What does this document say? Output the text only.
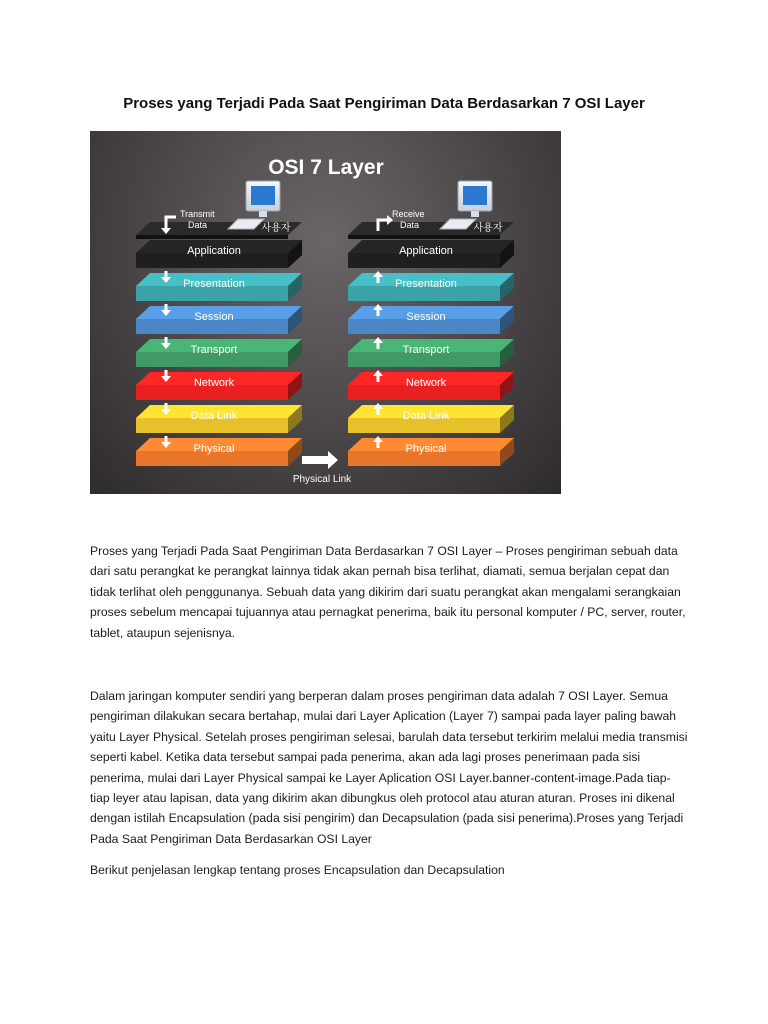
Proses yang Terjadi Pada Saat Pengiriman Data Berdasarkan 7 OSI Layer
OSI 7 Layer
Transmit
Data	사용자
Application
Presentation
Session
Transport
Network
Data Link
Physical
Receive
Data	사용자
Application
Presentation
Session
Transport
Network
Data Link
Physical
Physical Link

Proses yang Terjadi Pada Saat Pengiriman Data Berdasarkan 7 OSI Layer – Proses pengiriman sebuah data dari satu perangkat ke perangkat lainnya tidak akan pernah bisa terlihat, diamati, semua berjalan cepat dan tidak terlihat oleh penggunanya. Sebuah data yang dikirim dari suatu perangkat akan mengalami serangkaian proses sebelum mencapai tujuannya atau pernagkat penerima, baik itu personal komputer / PC, server, router, tablet, ataupun sejenisnya.

Dalam jaringan komputer sendiri yang berperan dalam proses pengiriman data adalah 7 OSI Layer. Semua pengiriman dilakukan secara bertahap, mulai dari Layer Aplication (Layer 7) sampai pada layer paling bawah yaitu Layer Physical. Setelah proses pengiriman selesai, barulah data tersebut terkirim melalui media transmisi seperti kabel. Ketika data tersebut sampai pada penerima, akan ada lagi proses penerimaan pada sisi penerima, mulai dari Layer Physical sampai ke Layer Aplication OSI Layer.banner-content-image.Pada tiap-tiap leyer atau lapisan, data yang dikirim akan dibungkus oleh protocol atau aturan aturan. Proses ini dikenal dengan istilah Encapsulation (pada sisi pengirim) dan Decapsulation (pada sisi penerima).Proses yang Terjadi Pada Saat Pengiriman Data Berdasarkan OSI Layer

Berikut penjelasan lengkap tentang proses Encapsulation dan Decapsulation
